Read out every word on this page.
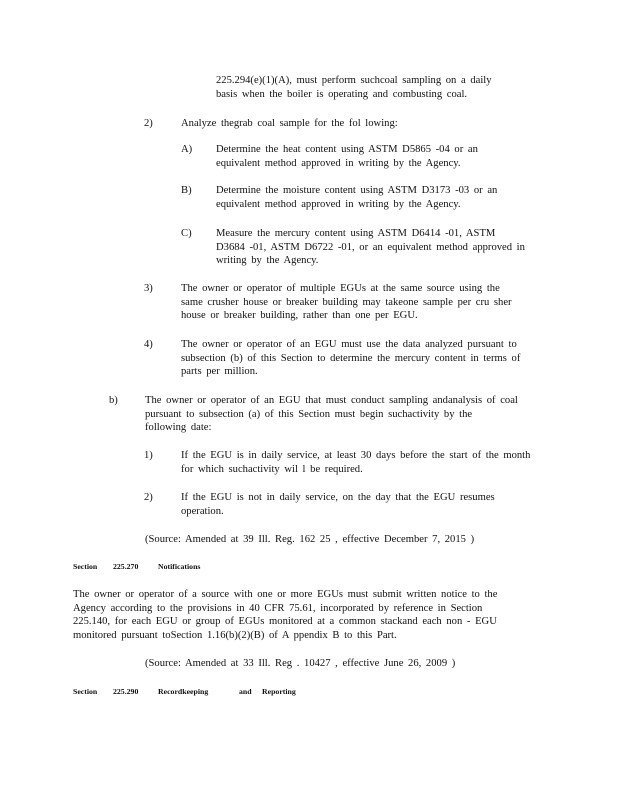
225.294(e)(1)(A), must perform suchcoal sampling on a daily
basis when the boiler is operating and combusting coal.
2)	Analyze thegrab coal sample for the fol lowing:
A) Determine the heat content using ASTM D5865 -04 or an
equivalent method approved in writing by the Agency.
B) Determine the moisture content using ASTM D3173 -03 or an
equivalent method approved in writing by the Agency.
C) Measure the mercury content using ASTM D6414 -01, ASTM
D3684 -01, ASTM D6722 -01, or an equivalent method approved in
writing by the Agency.
3)	The owner or operator of multiple EGUs at the same source using the
same crusher house or breaker building may takeone sample per cru sher
house or breaker building, rather than one per EGU.
4)	The owner or operator of an EGU must use the data analyzed pursuant to
subsection (b) of this Section to determine the mercury content in terms of
parts per million.
b)	The owner or operator of an EGU that must conduct sampling andanalysis of coal
pursuant to subsection (a) of this Section must begin suchactivity by the
following date:
1)	If the EGU is in daily service, at least 30 days before the start of the month
for which suchactivity wil l be required.
2)	If the EGU is not in daily service, on the day that the EGU resumes
operation.
(Source: Amended at 39 Ill. Reg. 162 25 , effective December 7, 2015 )
Section 225.270	Notifications
The owner or operator of a source with one or more EGUs must submit written notice to the
Agency according to the provisions in 40 CFR 75.61, incorporated by reference in Section
225.140, for each EGU or group of EGUs monitored at a common stackand each non - EGU
monitored pursuant toSection 1.16(b)(2)(B) of A ppendix B to this Part.
(Source: Amended at 33 Ill. Reg . 10427 , effective June 26, 2009 )
Section 225.290	Recordkeeping	and Reporting
